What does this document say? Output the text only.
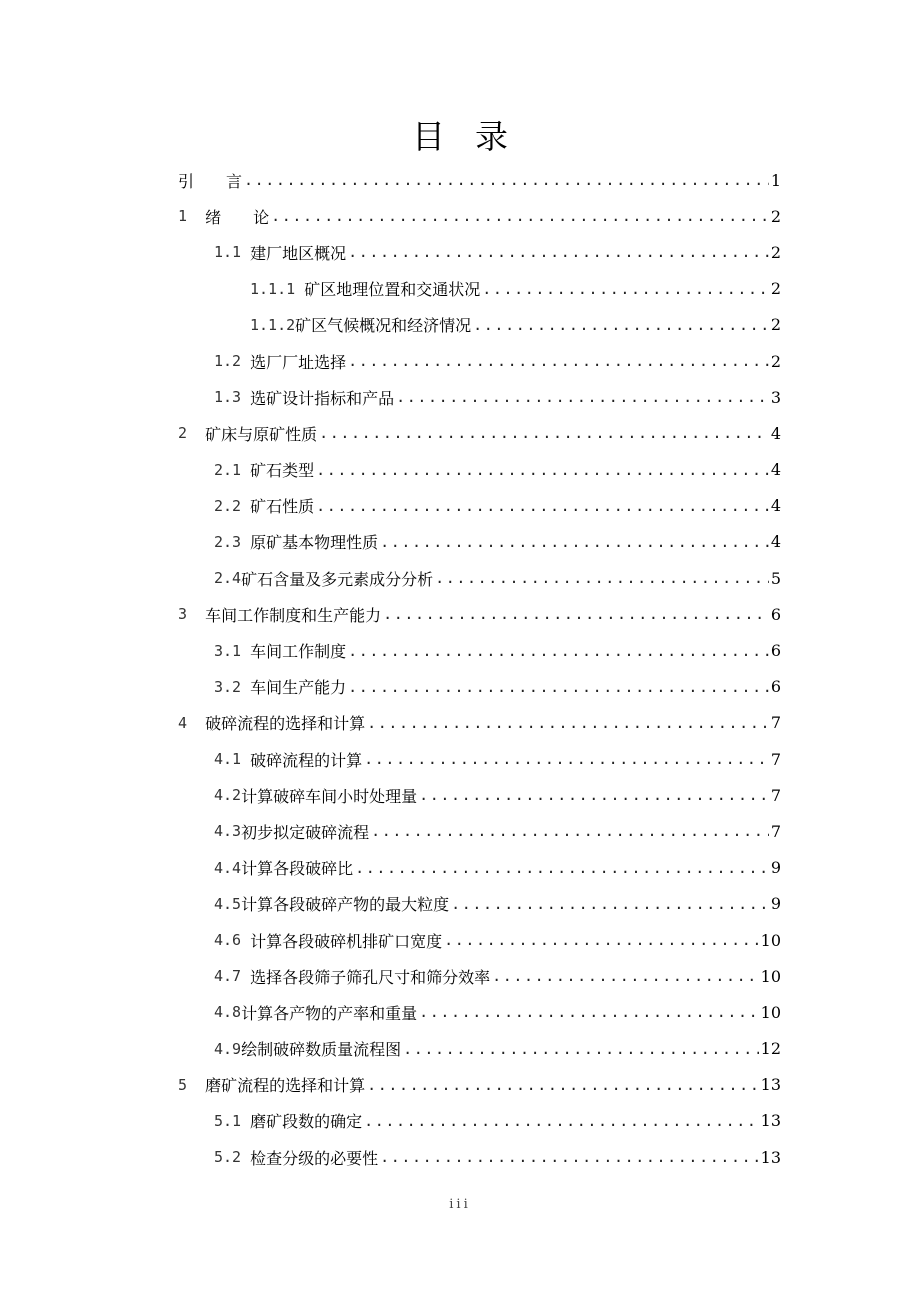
目录
引　　言 .....	1
1 绪　　论 .....	2
1.1 建厂地区概况 .....	2
1.1.1 矿区地理位置和交通状况 .....	2
1.1.2 矿区气候概况和经济情况 .....	2
1.2 选厂厂址选择 .....	2
1.3 选矿设计指标和产品 .....	3
2 矿床与原矿性质 .....	4
2.1 矿石类型 .....	4
2.2 矿石性质 .....	4
2.3 原矿基本物理性质 .....	4
2.4 矿石含量及多元素成分分析 .....	5
3 车间工作制度和生产能力 .....	6
3.1 车间工作制度 .....	6
3.2 车间生产能力 .....	6
4 破碎流程的选择和计算 .....	7
4.1 破碎流程的计算 .....	7
4.2 计算破碎车间小时处理量 .....	7
4.3 初步拟定破碎流程 .....	7
4.4 计算各段破碎比 .....	9
4.5 计算各段破碎产物的最大粒度 .....	9
4.6 计算各段破碎机排矿口宽度 .....	10
4.7 选择各段筛子筛孔尺寸和筛分效率 .....	10
4.8 计算各产物的产率和重量 .....	10
4.9 绘制破碎数质量流程图 .....	12
5 磨矿流程的选择和计算 .....	13
5.1 磨矿段数的确定 .....	13
5.2 检查分级的必要性 .....	13
iii
